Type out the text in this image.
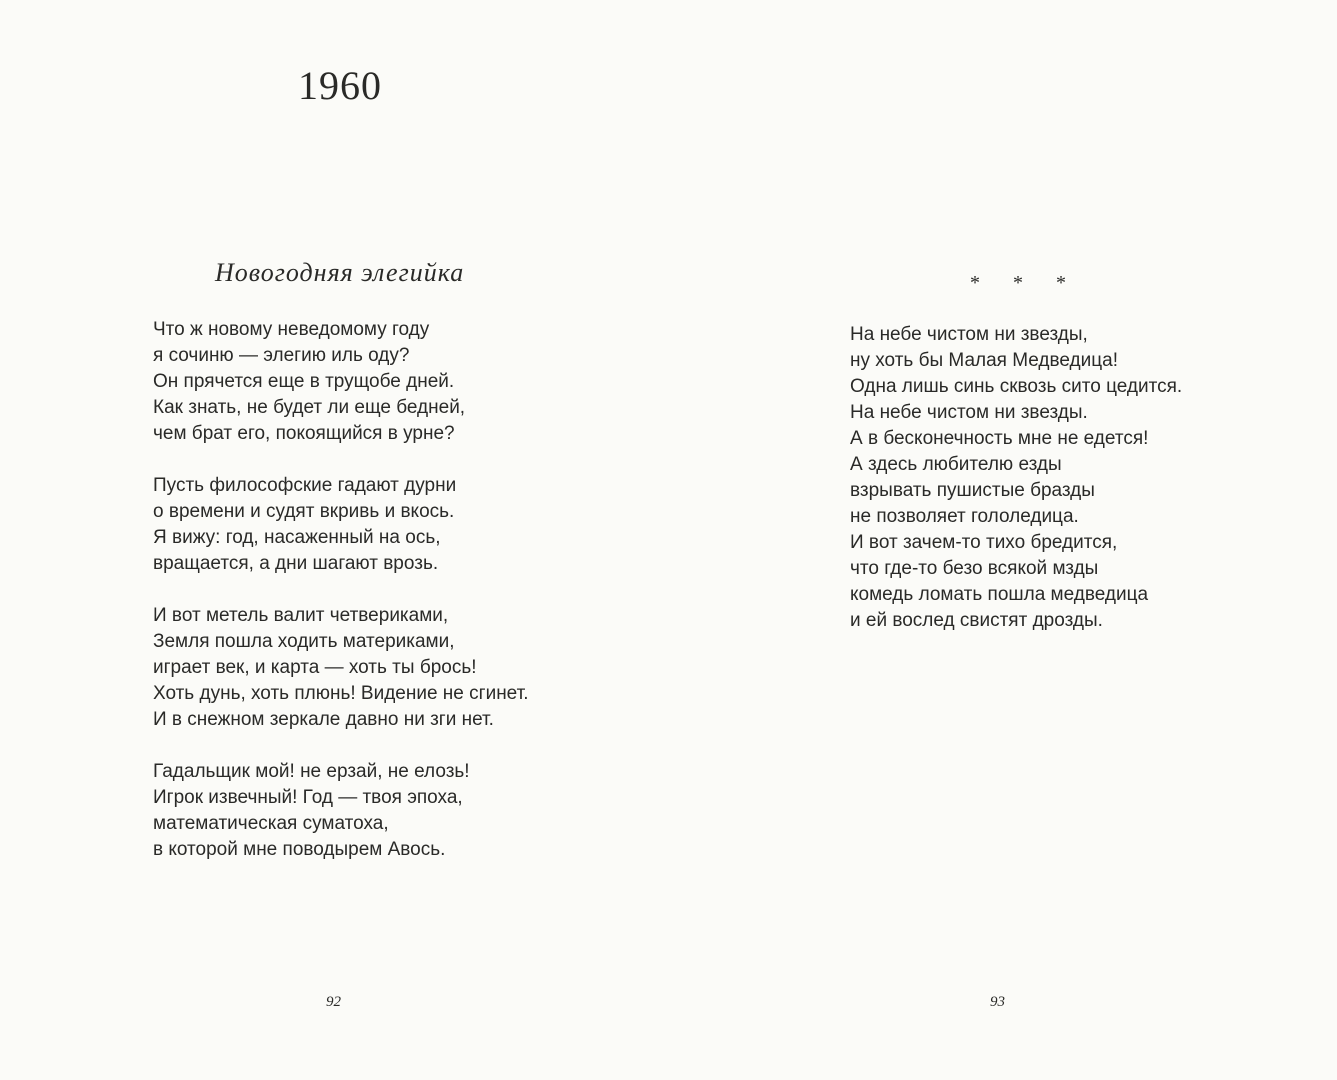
1960
Новогодняя элегийка
Что ж новому неведомому году
я сочиню — элегию иль оду?
Он прячется еще в трущобе дней.
Как знать, не будет ли еще бедней,
чем брат его, покоящийся в урне?
Пусть философские гадают дурни
о времени и судят вкривь и вкось.
Я вижу: год, насаженный на ось,
вращается, а дни шагают врозь.
И вот метель валит четвериками,
Земля пошла ходить материками,
играет век, и карта — хоть ты брось!
Хоть дунь, хоть плюнь! Видение не сгинет.
И в снежном зеркале давно ни зги нет.
Гадальщик мой! не ерзай, не елозь!
Игрок извечный! Год — твоя эпоха,
математическая суматоха,
в которой мне поводырем Авось.
92
* * *
На небе чистом ни звезды,
ну хоть бы Малая Медведица!
Одна лишь синь сквозь сито цедится.
На небе чистом ни звезды.
А в бесконечность мне не едется!
А здесь любителю езды
взрывать пушистые бразды
не позволяет гололедица.
И вот зачем-то тихо бредится,
что где-то безо всякой мзды
комедь ломать пошла медведица
и ей вослед свистят дрозды.
93
